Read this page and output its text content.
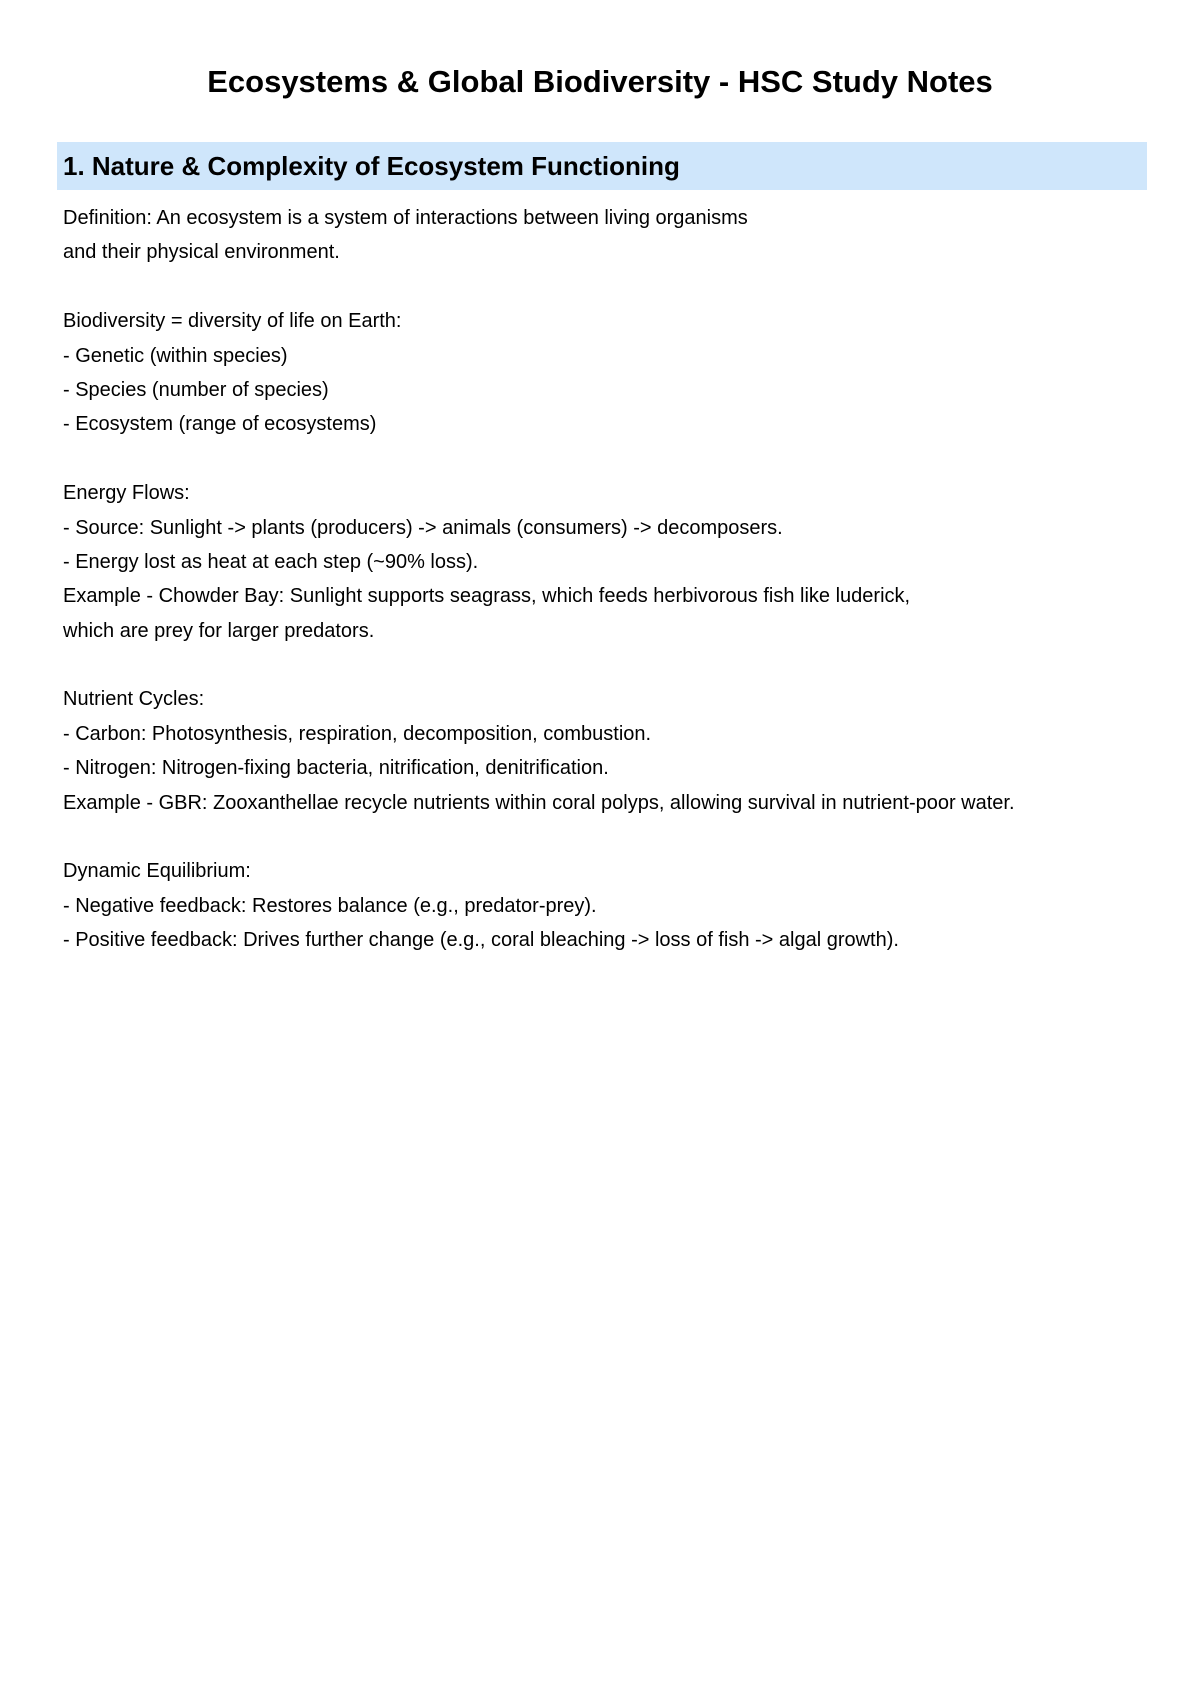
Ecosystems & Global Biodiversity - HSC Study Notes
1. Nature & Complexity of Ecosystem Functioning
Definition: An ecosystem is a system of interactions between living organisms
and their physical environment.
Biodiversity = diversity of life on Earth:
- Genetic (within species)
- Species (number of species)
- Ecosystem (range of ecosystems)
Energy Flows:
- Source: Sunlight -> plants (producers) -> animals (consumers) -> decomposers.
- Energy lost as heat at each step (~90% loss).
Example - Chowder Bay: Sunlight supports seagrass, which feeds herbivorous fish like luderick,
which are prey for larger predators.
Nutrient Cycles:
- Carbon: Photosynthesis, respiration, decomposition, combustion.
- Nitrogen: Nitrogen-fixing bacteria, nitrification, denitrification.
Example - GBR: Zooxanthellae recycle nutrients within coral polyps, allowing survival in nutrient-poor water.
Dynamic Equilibrium:
- Negative feedback: Restores balance (e.g., predator-prey).
- Positive feedback: Drives further change (e.g., coral bleaching -> loss of fish -> algal growth).
